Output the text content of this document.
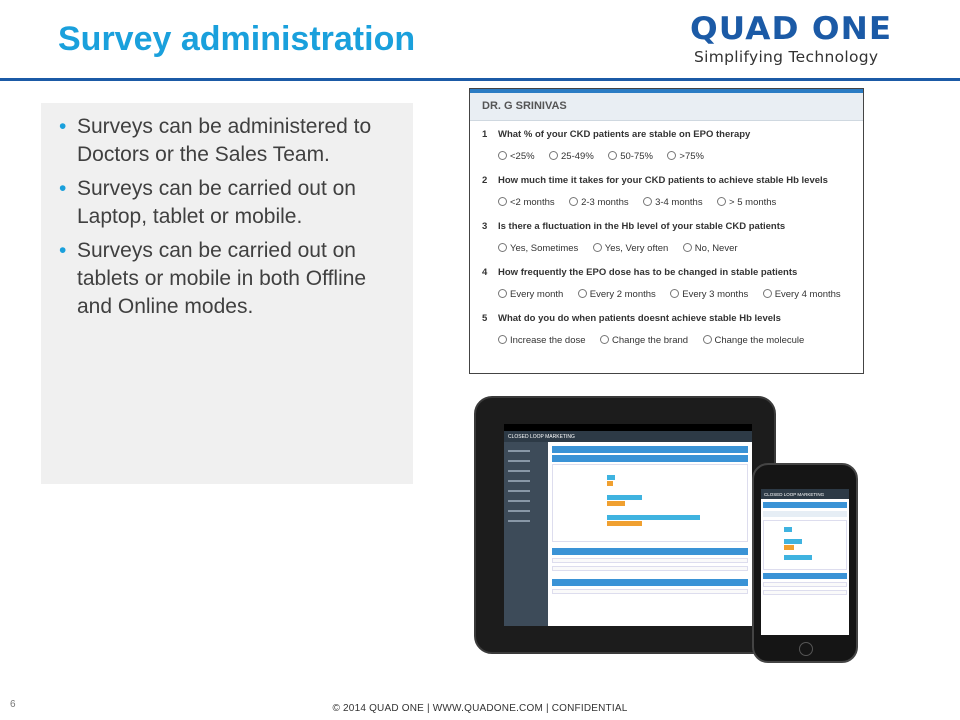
Survey administration	QUAD ONE
Simplifying Technology
• Surveys can be administered to Doctors or the Sales Team.
• Surveys can be carried out on Laptop, tablet or mobile.
• Surveys can be carried out on tablets or mobile in both Offline and Online modes.
DR. G SRINIVAS
1 What % of your CKD patients are stable on EPO therapy
<25%	25-49%	50-75%	>75%
2 How much time it takes for your CKD patients to achieve stable Hb levels
<2 months	2-3 months	3-4 months	> 5 months
3 Is there a fluctuation in the Hb level of your stable CKD patients
Yes, Sometimes	Yes, Very often	No, Never
4 How frequently the EPO dose has to be changed in stable patients
Every month	Every 2 months	Every 3 months	Every 4 months
5 What do you do when patients doesnt achieve stable Hb levels
Increase the dose	Change the brand	Change the molecule
CLOSED LOOP MARKETING
CLOSED LOOP MARKETING
6	© 2014 QUAD ONE | WWW.QUADONE.COM | CONFIDENTIAL
